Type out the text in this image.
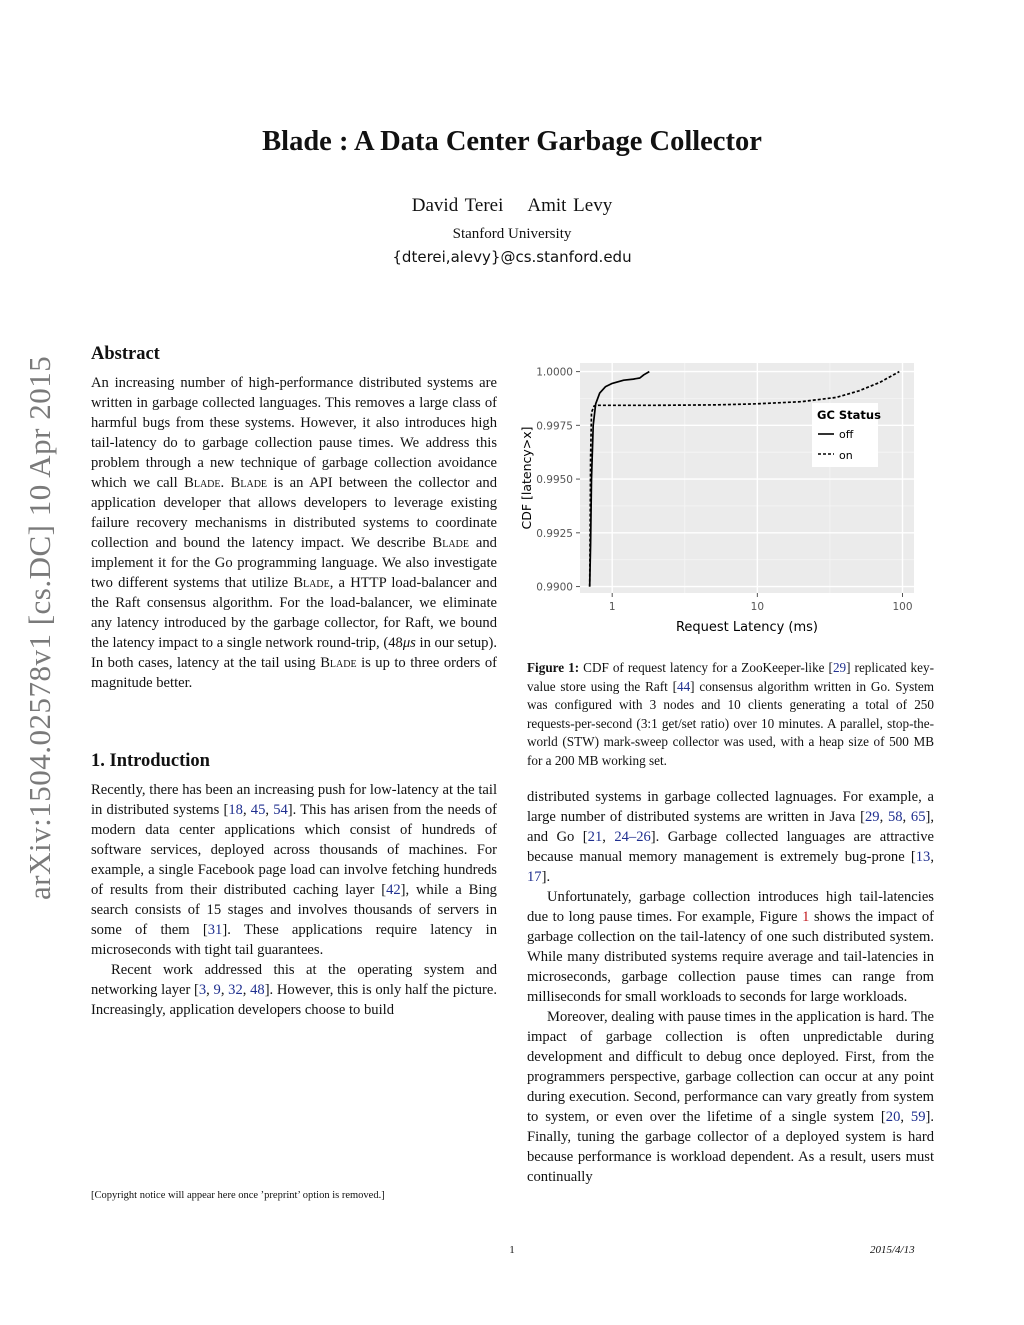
arXiv:1504.02578v1 [cs.DC] 10 Apr 2015
Blade : A Data Center Garbage Collector
David Terei Amit Levy
Stanford University
{dterei,alevy}@cs.stanford.edu
Abstract

An increasing number of high-performance distributed systems are written in garbage collected languages. This removes a large class of harmful bugs from these systems. However, it also introduces high tail-latency do to garbage collection pause times. We address this problem through a new technique of garbage collection avoidance which we call Blade. Blade is an API between the collector and application developer that allows developers to leverage existing failure recovery mechanisms in distributed systems to coordinate collection and bound the latency impact. We describe Blade and implement it for the Go programming language. We also investigate two different systems that utilize Blade, a HTTP load-balancer and the Raft consensus algorithm. For the load-balancer, we eliminate any latency introduced by the garbage collector, for Raft, we bound the latency impact to a single network round-trip, (48μs in our setup). In both cases, latency at the tail using Blade is up to three orders of magnitude better.

1. Introduction

Recently, there has been an increasing push for low-latency at the tail in distributed systems [18, 45, 54]. This has arisen from the needs of modern data center applications which consist of hundreds of software services, deployed across thousands of machines. For example, a single Facebook page load can involve fetching hundreds of results from their distributed caching layer [42], while a Bing search consists of 15 stages and involves thousands of servers in some of them [31]. These applications require latency in microseconds with tight tail guarantees.

Recent work addressed this at the operating system and networking layer [3, 9, 32, 48]. However, this is only half the picture. Increasingly, application developers choose to build

[Copyright notice will appear here once ’preprint’ option is removed.]
0.9900
0.9925
0.9950
0.9975
1.0000
1	10	100
Request Latency (ms)
CDF [latency>x]
GC Status
off
on
Figure 1: CDF of request latency for a ZooKeeper-like [29] replicated key-value store using the Raft [44] consensus algorithm written in Go. System was configured with 3 nodes and 10 clients generating a total of 250 requests-per-second (3:1 get/set ratio) over 10 minutes. A parallel, stop-the-world (STW) mark-sweep collector was used, with a heap size of 500 MB for a 200 MB working set.

distributed systems in garbage collected lagnuages. For example, a large number of distributed systems are written in Java [29, 58, 65], and Go [21, 24–26]. Garbage collected languages are attractive because manual memory management is extremely bug-prone [13, 17].

Unfortunately, garbage collection introduces high tail-latencies due to long pause times. For example, Figure 1 shows the impact of garbage collection on the tail-latency of one such distributed system. While many distributed systems require average and tail-latencies in microseconds, garbage collection pause times can range from milliseconds for small workloads to seconds for large workloads.

Moreover, dealing with pause times in the application is hard. The impact of garbage collection is often unpredictable during development and difficult to debug once deployed. First, from the programmers perspective, garbage collection can occur at any point during execution. Second, performance can vary greatly from system to system, or even over the lifetime of a single system [20, 59]. Finally, tuning the garbage collector of a deployed system is hard because performance is workload dependent. As a result, users must continually

1	2015/4/13
